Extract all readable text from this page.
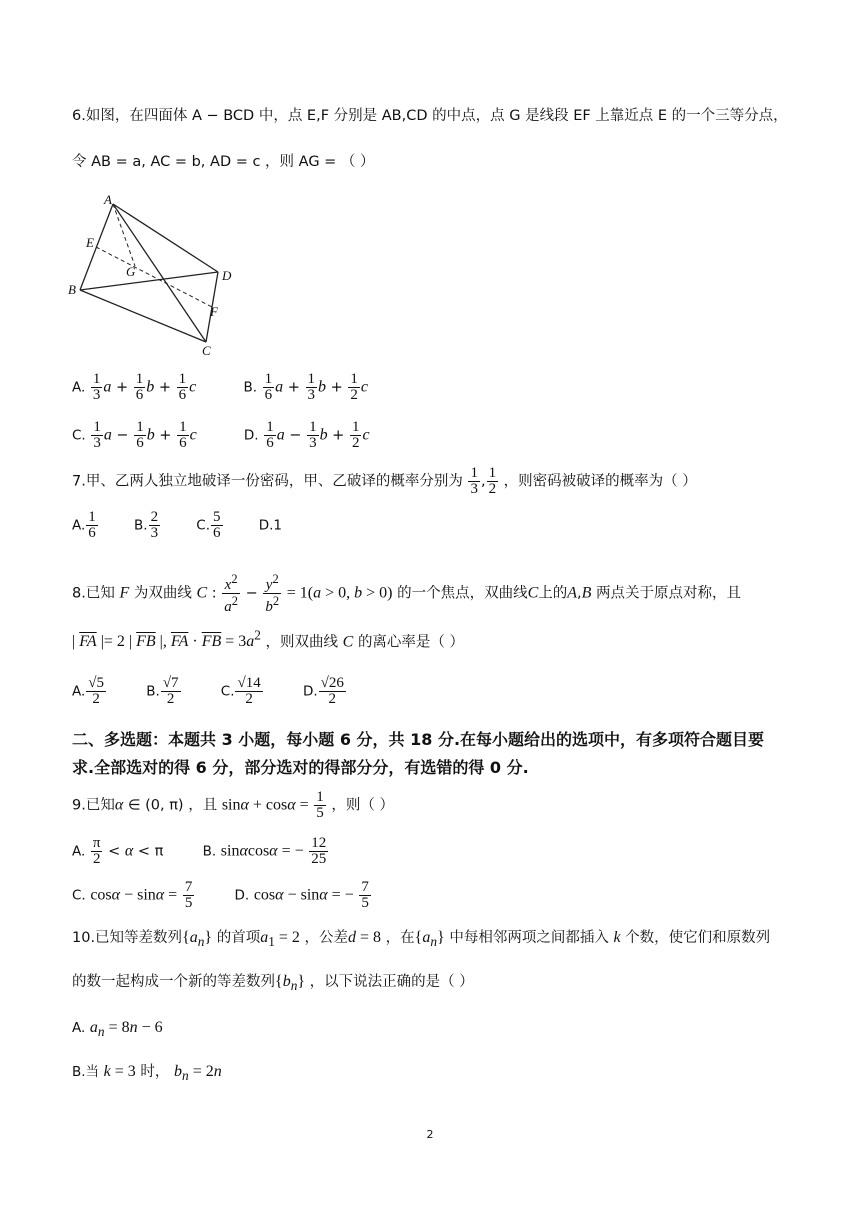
6.如图，在四面体 A − BCD 中，点 E,F 分别是 AB,CD 的中点，点 G 是线段 EF 上靠近点 E 的一个三等分点，
令 AB = a, AC = b, AD = c ，则 AG = （ ）
A
E
G	D
B
F
C
A. $\frac{1}{3}$ $a + \frac{1}{6}$ $b + \frac{1}{6}$ c	B. $\frac{1}{6}$ $a + \frac{1}{3}$ $b + \frac{1}{2}$ c
C. $\frac{1}{3}$ $a - \frac{1}{6}$ $b + \frac{1}{6}$ c	D. $\frac{1}{6}$ $a - \frac{1}{3}$ $b + \frac{1}{2}$ c
7.甲、乙两人独立地破译一份密码，甲、乙破译的概率分别为 $\frac{1}{3}$ , $\frac{1}{2}$ ，则密码被破译的概率为（ ）
A. $\frac{1}{6}$	B. $\frac{2}{3}$	C. $\frac{5}{6}$	D.1
8.已知 F 为双曲线 C : $\frac{x^2}{a^2} - \frac{y^2}{b^2} = 1(a > 0$, b > 0) 的一个焦点，双曲线C上的A,B 两点关于原点对称，且
| $\overline{FA}$ |= 2 | $\overline{FB}$ |, $\overline{FA} \cdot \overline{FB} = 3a^2$ ，则双曲线 C 的离心率是（ ）
A. $\frac{√5}{2}$	B. $\frac{√7}{2}$	C. $\frac{√14}{2}$	D. $\frac{√26}{2}$
二、多选题：本题共 3 小题，每小题 6 分，共 18 分.在每小题给出的选项中，有多项符合题目要
求.全部选对的得 6 分，部分选对的得部分分，有选错的得 0 分.
9.已知α ∈ (0, π) ，且 $\sin\alpha + \cos\alpha = \frac{1}{5}$ ，则（ ）
A. $\frac{\pi}{2} < \alpha < \pi$	B. sinαcosα = − $\frac{12}{25}$
C. $\cos\alpha - \sin\alpha = \frac{7}{5}$	D. cosα − sinα = − $\frac{7}{5}$
10.已知等差数列$\{a_n\}$ 的首项$a_1 = 2$ ，公差d = 8 ，在$\{a_n\}$ 中每相邻两项之间都插入 k 个数，使它们和原数列
的数一起构成一个新的等差数列$\{b_n\}$ ，以下说法正确的是（ ）
A. $a_n = 8n - 6$
B.当 k = 3 时， $b_n = 2n$
2
